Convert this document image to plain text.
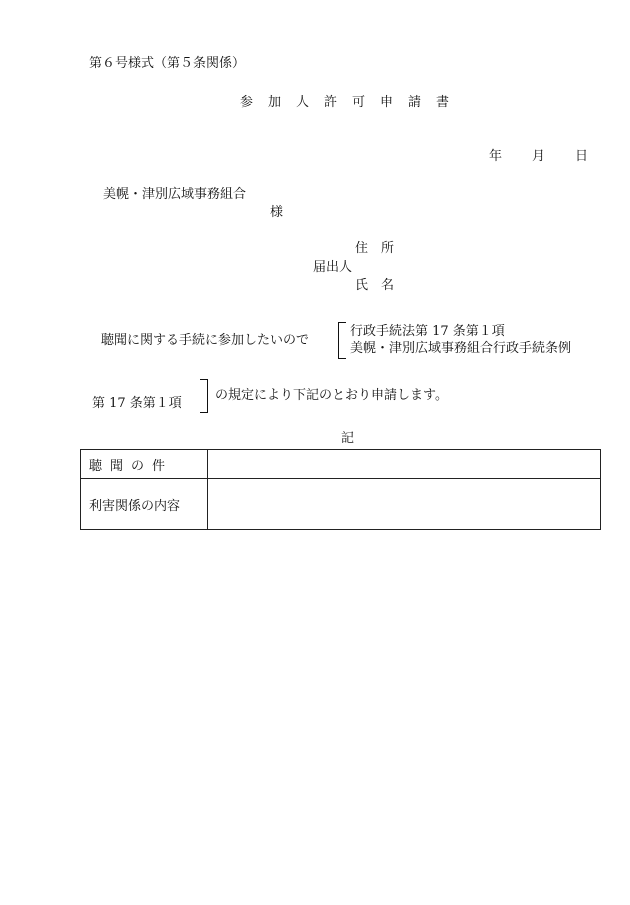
第６号様式（第５条関係）
参加人許可申請書
年 月 日
美幌・津別広域事務組合
様
住　所
届出人
氏　名
聴聞に関する手続に参加したいので
行政手続法第 17 条第１項
美幌・津別広域事務組合行政手続条例
第 17 条第１項
の規定により下記のとおり申請します。
記
聴聞の件	
利害関係の内容	
